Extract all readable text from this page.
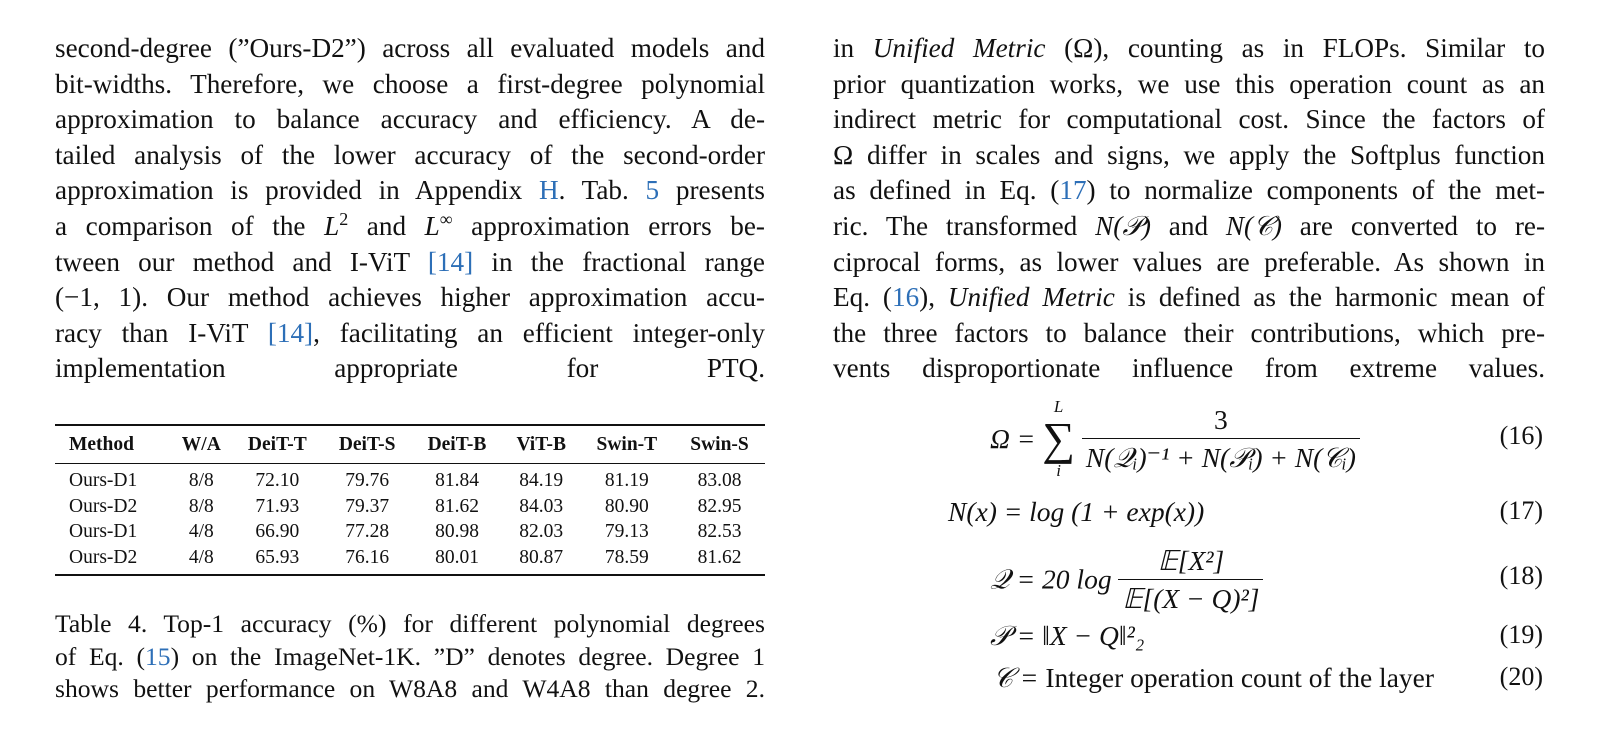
second-degree (”Ours-D2”) across all evaluated models and
bit-widths. Therefore, we choose a first-degree polynomial
approximation to balance accuracy and efficiency. A de-
tailed analysis of the lower accuracy of the second-order
approximation is provided in Appendix H. Tab. 5 presents
a comparison of the $L^2$ and L∞ approximation errors be-
tween our method and I-ViT [14] in the fractional range
(−1, 1). Our method achieves higher approximation accu-
racy than I-ViT [14], facilitating an efficient integer-only
implementation appropriate for PTQ.
Method	W/A	DeiT-T	DeiT-S	DeiT-B	ViT-B	Swin-T	Swin-S
Ours-D1	8/8	72.10	79.76	81.84	84.19	81.19	83.08
Ours-D2	8/8	71.93	79.37	81.62	84.03	80.90	82.95
Ours-D1	4/8	66.90	77.28	80.98	82.03	79.13	82.53
Ours-D2	4/8	65.93	76.16	80.01	80.87	78.59	81.62
Table 4. Top-1 accuracy (%) for different polynomial degrees
of Eq. (15) on the ImageNet-1K. ”D” denotes degree. Degree 1
shows better performance on W8A8 and W4A8 than degree 2.
in Unified Metric (Ω), counting as in FLOPs. Similar to
prior quantization works, we use this operation count as an
indirect metric for computational cost. Since the factors of
Ω differ in scales and signs, we apply the Softplus function
as defined in Eq. (17) to normalize components of the met-
ric. The transformed N(𝒫) and N(𝒞) are converted to re-
ciprocal forms, as lower values are preferable. As shown in
Eq. (16), Unified Metric is defined as the harmonic mean of
the three factors to balance their contributions, which pre-
vents disproportionate influence from extreme values.
Ω =
L
∑
i
$\frac{3}{\text{N(𝒬ᵢ)⁻¹ + N(𝒫ᵢ) + N(𝒞ᵢ)}}$	(16)
N(x) = log (1 + exp(x))	(17)
𝒬 = 20 $\log \frac{\text{𝔼[X²]}}{\text{𝔼[(X − Q)²]}}$	(18)
𝒫 = ‖X − Q‖²₂	(19)
𝒞 = Integer operation count of the layer	(20)
